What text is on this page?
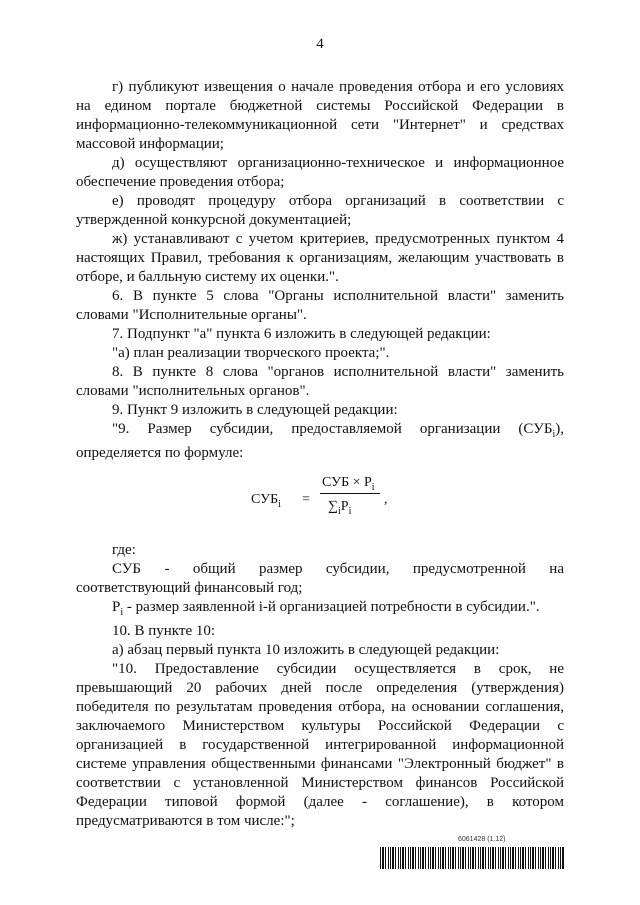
4

г) публикуют извещения о начале проведения отбора и его условиях на едином портале бюджетной системы Российской Федерации в информационно-телекоммуникационной сети "Интернет" и средствах массовой информации;

д) осуществляют организационно-техническое и информационное обеспечение проведения отбора;

е) проводят процедуру отбора организаций в соответствии с утвержденной конкурсной документацией;

ж) устанавливают с учетом критериев, предусмотренных пунктом 4 настоящих Правил, требования к организациям, желающим участвовать в отборе, и балльную систему их оценки.".

6. В пункте 5 слова "Органы исполнительной власти" заменить словами "Исполнительные органы".

7. Подпункт "а" пункта 6 изложить в следующей редакции:

"а) план реализации творческого проекта;".

8. В пункте 8 слова "органов исполнительной власти" заменить словами "исполнительных органов".

9. Пункт 9 изложить в следующей редакции:

"9. Размер субсидии, предоставляемой организации $(СУБ_i)$, определяется по формуле:

$СУБ_i$ =
СУБ × $P_i$
$\sum_iP_i$
,

где:

СУБ - общий размер субсидии, предусмотренной на соответствующий финансовый год;

$P_i$ - размер заявленной i-й организацией потребности в субсидии.".

10. В пункте 10:

а) абзац первый пункта 10 изложить в следующей редакции:

"10. Предоставление субсидии осуществляется в срок, не превышающий 20 рабочих дней после определения (утверждения) победителя по результатам проведения отбора, на основании соглашения, заключаемого Министерством культуры Российской Федерации с организацией в государственной интегрированной информационной системе управления общественными финансами "Электронный бюджет" в соответствии с установленной Министерством финансов Российской Федерации типовой формой (далее - соглашение), в котором предусматриваются в том числе:";

6061428 (1.12)
